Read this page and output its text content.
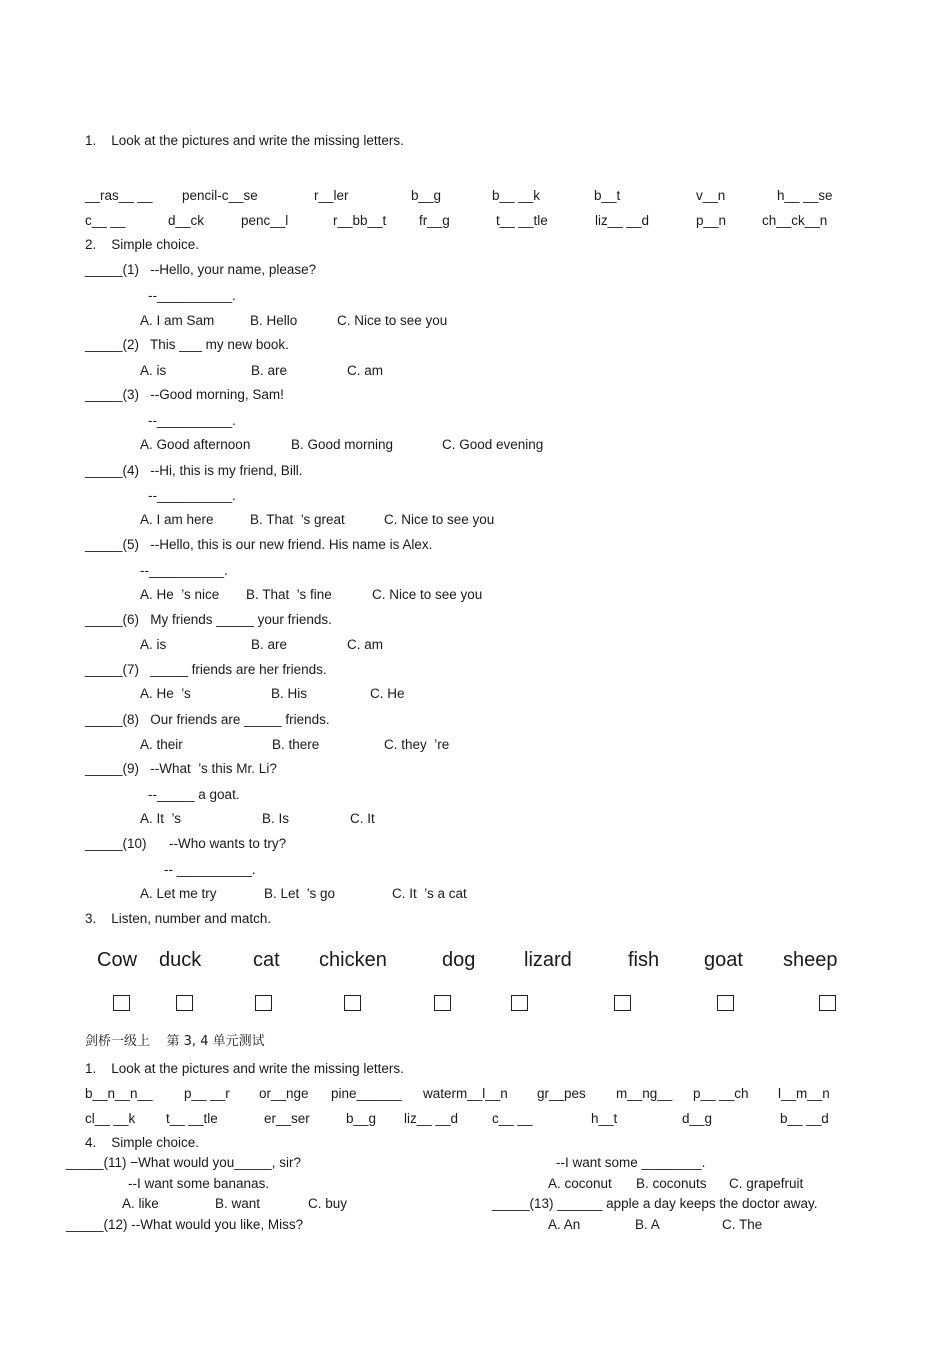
1.    Look at the pictures and write the missing letters.
__ras__ __ pencil-c__se	r__ler	b__g	b__ __k	b__t	v__n	h__ __se
c__ __	d__ck	penc__l	r__bb__t fr__g	t__ __tle	liz__ __d	p__n	ch__ck__n
2.    Simple choice.
_____(1)   --Hello, your name, please?
--__________.
A. I am Sam	B. Hello	C. Nice to see you
_____(2)   This ___ my new book.
A. is	B. are	C. am
_____(3)   --Good morning, Sam!
--__________.
A. Good afternoon	B. Good morning	C. Good evening
_____(4)   --Hi, this is my friend, Bill.
--__________.
A. I am here	B. That  ’s great	C. Nice to see you
_____(5)   --Hello, this is our new friend. His name is Alex.
--__________.
A. He  ’s nice B. That  ’s fine	C. Nice to see you
_____(6)   My friends _____ your friends.
A. is	B. are	C. am
_____(7)   _____ friends are her friends.
A. He  ’s	B. His	C. He
_____(8)   Our friends are _____ friends.
A. their	B. there	C. they  ’re
_____(9)   --What  ’s this Mr. Li?
--_____ a goat.
A. It  ’s	B. Is	C. It
_____(10)      --Who wants to try?
-- __________.
A. Let me try	B. Let  ’s go	C. It  ’s a cat
3.    Listen, number and match.
Cow duck	cat chicken	dog lizard	fish goat sheep
剑桥一级上    第 3, 4 单元测试
1.    Look at the pictures and write the missing letters.
b__n__n__ p__ __r or__nge pine______ waterm__l__n gr__pes m__ng__ p__ __ch l__m__n
cl__ __k t__ __tle	er__ser	b__g liz__ __d	c__ __	h__t	d__g	b__ __d
4.    Simple choice.
_____(11) −What would you_____, sir?
--I want some bananas.
A. like	B. want	C. buy
_____(12) --What would you like, Miss?
--I want some ________.
A. coconut B. coconuts C. grapefruit
_____(13) ______ apple a day keeps the doctor away.
A. An	B. A	C. The
